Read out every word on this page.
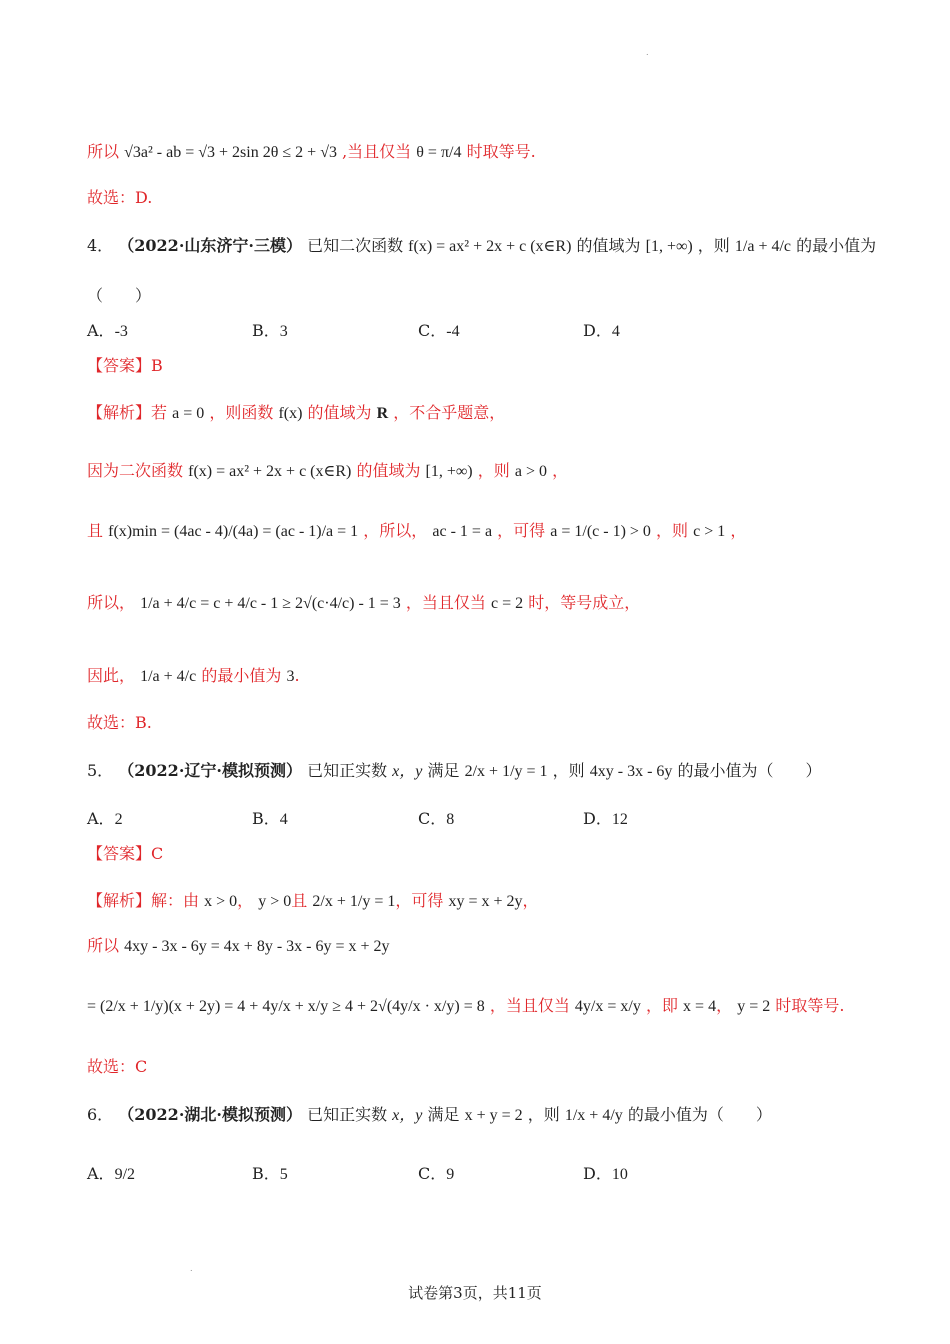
.
所以 √3a² - ab = √3 + 2sin 2θ ≤ 2 + √3 ,当且仅当 θ = π/4 时取等号.
故选：D.
4． （2022·山东济宁·三模） 已知二次函数 f(x) = ax² + 2x + c (x∈R) 的值域为 [1, +∞) ，则 1/a + 4/c 的最小值为
（　　）
A．-3	B．3	C．-4	D．4
【答案】B
【解析】若 a = 0 ，则函数 f(x) 的值域为 R ，不合乎题意，
因为二次函数 f(x) = ax² + 2x + c (x∈R) 的值域为 [1, +∞) ，则 a > 0 ，
且 f(x)min = (4ac - 4)/(4a) = (ac - 1)/a = 1 ，所以， ac - 1 = a ，可得 a = 1/(c - 1) > 0 ，则 c > 1 ，
所以， 1/a + 4/c = c + 4/c - 1 ≥ 2√(c·4/c) - 1 = 3 ，当且仅当 c = 2 时，等号成立，
因此， 1/a + 4/c 的最小值为 3.
故选：B.
5． （2022·辽宁·模拟预测） 已知正实数 x，y 满足 2/x + 1/y = 1 ，则 4xy - 3x - 6y 的最小值为（　　）
A．2	B．4	C．8	D．12
【答案】C
【解析】解：由 x > 0， y > 0且 2/x + 1/y = 1，可得 xy = x + 2y，
所以 4xy - 3x - 6y = 4x + 8y - 3x - 6y = x + 2y
= (2/x + 1/y)(x + 2y) = 4 + 4y/x + x/y ≥ 4 + 2√(4y/x · x/y) = 8 ，当且仅当 4y/x = x/y ，即 x = 4， y = 2 时取等号.
故选：C
6． （2022·湖北·模拟预测） 已知正实数 x，y 满足 x + y = 2 ，则 1/x + 4/y 的最小值为（　　）
A．9/2	B．5	C．9	D．10
.
试卷第3页，共11页
